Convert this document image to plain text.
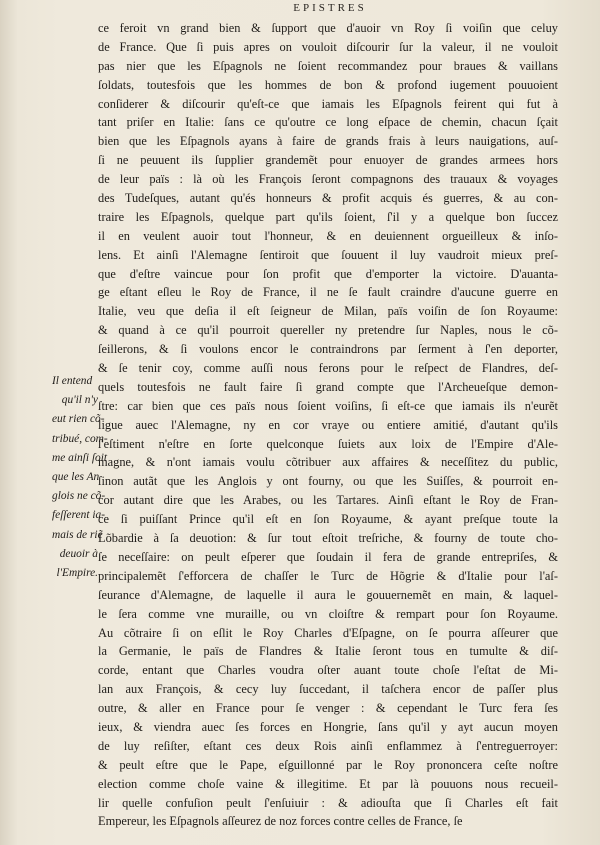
EPISTRES
ce feroit vn grand bien & ſupport que d'auoir vn Roy ſi voiſin que celuy
de France. Que ſi puis apres on vouloit diſcourir ſur la valeur, il ne vouloit
pas nier que les Eſpagnols ne ſoient recommandez pour braues & vaillans
ſoldats, toutesfois que les hommes de bon & profond iugement pouuoient
conſiderer & diſcourir qu'eſt-ce que iamais les Eſpagnols feirent qui fut à
tant priſer en Italie: ſans ce qu'outre ce long eſpace de chemin, chacun ſçait
bien que les Eſpagnols ayans à faire de grands frais à leurs nauigations, auſ-
ſi ne peuuent ils ſupplier grandemẽt pour enuoyer de grandes armees hors
de leur païs : là où les François ſeront compagnons des trauaux & voyages
des Tudeſques, autant qu'és honneurs & profit acquis és guerres, & au con-
traire les Eſpagnols, quelque part qu'ils ſoient, ſ'il y a quelque bon ſuccez
il en veulent auoir tout l'honneur, & en deuiennent orgueilleux & inſo-
lens. Et ainſi l'Alemagne ſentiroit que ſouuent il luy vaudroit mieux preſ-
que d'eſtre vaincue pour ſon profit que d'emporter la victoire. D'auanta-
ge eſtant eſleu le Roy de France, il ne ſe fault craindre d'aucune guerre en
Italie, veu que deſia il eſt ſeigneur de Milan, païs voiſin de ſon Royaume:
& quand à ce qu'il pourroit quereller ny pretendre ſur Naples, nous le cõ-
ſeillerons, & ſi voulons encor le contraindrons par ſerment à ſ'en deporter,
& ſe tenir coy, comme auſſi nous ferons pour le reſpect de Flandres, deſ-
quels toutesfois ne fault faire ſi grand compte que l'Archeueſque demon-
ſtre: car bien que ces païs nous ſoient voiſins, ſi eſt-ce que iamais ils n'eurẽt
ligue auec l'Alemagne, ny en cor vraye ou entiere amitié, d'autant qu'ils
ſ'eſtiment n'eſtre en ſorte quelconque ſuiets aux loix de l'Empire d'Ale-
magne, & n'ont iamais voulu cõtribuer aux affaires & neceſſitez du public,
ſinon autãt que les Anglois y ont fourny, ou que les Suiſſes, & pourroit en-
cor autant dire que les Arabes, ou les Tartares. Ainſi eſtant le Roy de Fran-
ce ſi puiſſant Prince qu'il eſt en ſon Royaume, & ayant preſque toute la
Lõbardie à ſa deuotion: & ſur tout eſtoit treſriche, & fourny de toute cho-
ſe neceſſaire: on peult eſperer que ſoudain il fera de grande entrepriſes, &
principalemẽt ſ'efforcera de chaſſer le Turc de Hõgrie & d'Italie pour l'aſ-
ſeurance d'Alemagne, de laquelle il aura le gouuernemẽt en main, & laquel-
le ſera comme vne muraille, ou vn cloiſtre & rempart pour ſon Royaume.
Au cõtraire ſi on eſlit le Roy Charles d'Eſpagne, on ſe pourra aſſeurer que
la Germanie, le païs de Flandres & Italie ſeront tous en tumulte & diſ-
corde, entant que Charles voudra oſter auant toute choſe l'eſtat de Mi-
lan aux François, & cecy luy ſuccedant, il taſchera encor de paſſer plus
outre, & aller en France pour ſe venger : & cependant le Turc fera ſes
ieux, & viendra auec ſes forces en Hongrie, ſans qu'il y ayt aucun moyen
de luy reſiſter, eſtant ces deux Rois ainſi enflammez à ſ'entreguerroyer:
& peult eſtre que le Pape, eſguillonné par le Roy prononcera ceſte noſtre
election comme choſe vaine & illegitime. Et par là pouuons nous recueil-
lir quelle confuſion peult ſ'enſuiuir : & adiouſta que ſi Charles eſt fait
Empereur, les Eſpagnols aſſeurez de noz forces contre celles de France, ſe
Il entend
qu'il n'y
eut rien cõ-
tribué, com-
me ainſi ſoit
que les An
glois ne cõ-
feſſerent ia-
mais de riẽ
deuoir à
l'Empire.
